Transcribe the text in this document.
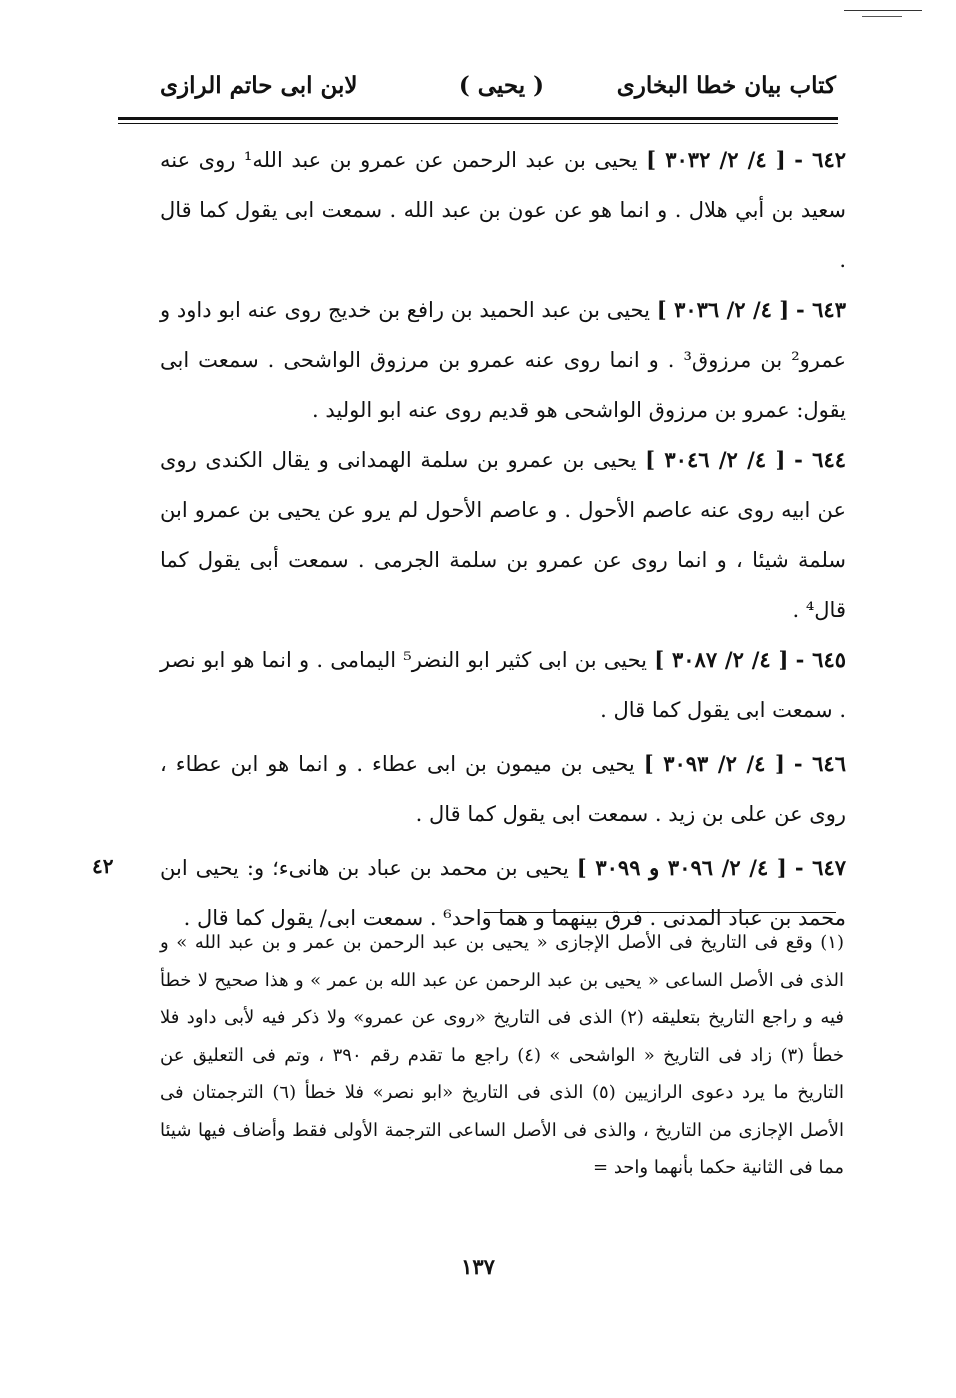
كتاب بيان خطا البخارى
( يحيى )
لابن ابى حاتم الرازى
٦٤٢ - [ ٤/ ٢/ ٣٠٣٢ ] يحيى بن عبد الرحمن عن عمرو بن عبد الله¹ روى عنه سعيد بن أبي هلال . و انما هو عن عون بن عبد الله . سمعت ابى يقول كما قال .
٦٤٣ - [ ٤/ ٢/ ٣٠٣٦ ] يحيى بن عبد الحميد بن رافع بن خديج روى عنه ابو داود و عمرو² بن مرزوق³ . و انما روى عنه عمرو بن مرزوق الواشحى . سمعت ابى يقول: عمرو بن مرزوق الواشحى هو قديم روى عنه ابو الوليد .
٦٤٤ - [ ٤/ ٢/ ٣٠٤٦ ] يحيى بن عمرو بن سلمة الهمدانى و يقال الكندى روى عن ابيه روى عنه عاصم الأحول . و عاصم الأحول لم يرو عن يحيى بن عمرو ابن سلمة شيئا ، و انما روى عن عمرو بن سلمة الجرمى . سمعت أبى يقول كما قال⁴ .
٦٤٥ - [ ٤/ ٢/ ٣٠٨٧ ] يحيى بن ابى كثير ابو النضر⁵ اليمامى . و انما هو ابو نصر . سمعت ابى يقول كما قال .
٦٤٦ - [ ٤/ ٢/ ٣٠٩٣ ] يحيى بن ميمون بن ابى عطاء . و انما هو ابن عطاء ، روى عن على بن زيد . سمعت ابى يقول كما قال .
٦٤٧ - [ ٤/ ٢/ ٣٠٩٦ و ٣٠٩٩ ] يحيى بن محمد بن عباد بن هانىء؛ و: يحيى ابن محمد بن عباد المدنى . فرق بينهما و هما واحد⁶ . سمعت ابى/ يقول كما قال .
٤٢
(١) وقع فى التاريخ فى الأصل الإجازى « يحيى بن عبد الرحمن بن عمر و بن عبد الله » و الذى فى الأصل الساعى « يحيى بن عبد الرحمن عن عبد الله بن عمر » و هذا صحيح لا خطأ فيه و راجع التاريخ بتعليقه (٢) الذى فى التاريخ «روى عن عمرو» ولا ذكر فيه لأبى داود فلا خطأ (٣) زاد فى التاريخ « الواشحى » (٤) راجع ما تقدم رقم ٣٩٠ ، وتم فى التعليق عن التاريخ ما يرد دعوى الرازيين (٥) الذى فى التاريخ «ابو نصر» فلا خطأ (٦) الترجمتان فى الأصل الإجازى من التاريخ ، والذى فى الأصل الساعى الترجمة الأولى فقط وأضاف فيها شيئا مما فى الثانية حكما بأنهما واحد =
١٣٧
